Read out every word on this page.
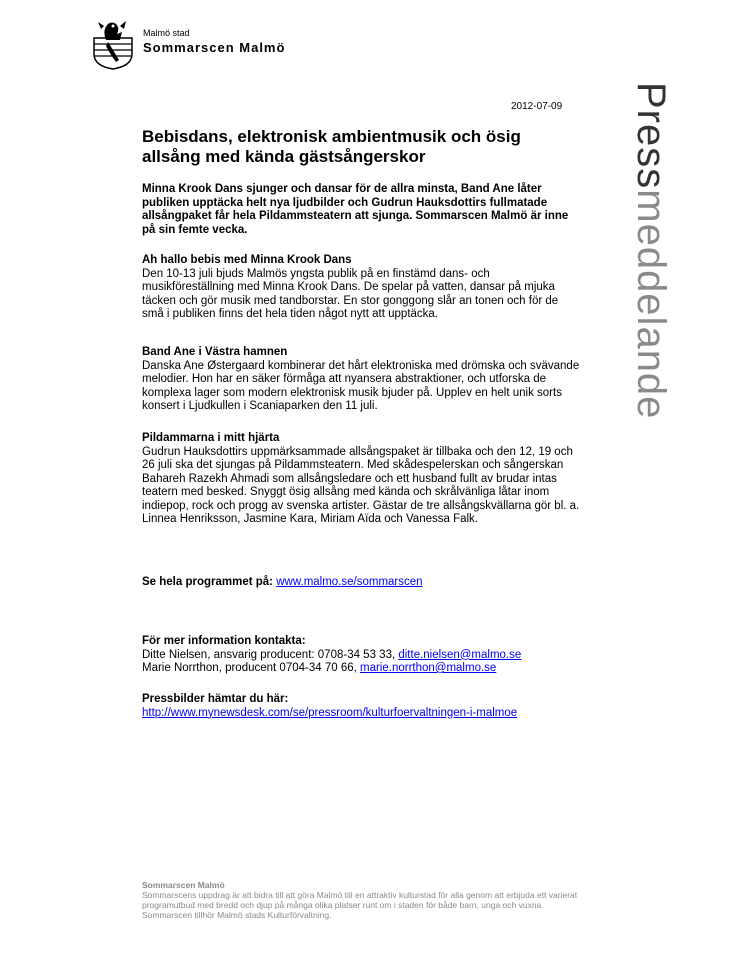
Malmö stad
Sommarscen Malmö
Pressmeddelande
2012-07-09
Bebisdans, elektronisk ambientmusik och ösig allsång med kända gästsångerskor

Minna Krook Dans sjunger och dansar för de allra minsta, Band Ane låter publiken upptäcka helt nya ljudbilder och Gudrun Hauksdottirs fullmatade allsångpaket får hela Pildammsteatern att sjunga. Sommarscen Malmö är inne på sin femte vecka.

Ah hallo bebis med Minna Krook Dans

Den 10-13 juli bjuds Malmös yngsta publik på en finstämd dans- och musikföreställning med Minna Krook Dans. De spelar på vatten, dansar på mjuka täcken och gör musik med tandborstar. En stor gonggong slår an tonen och för de små i publiken finns det hela tiden något nytt att upptäcka.

Band Ane i Västra hamnen

Danska Ane Østergaard kombinerar det hårt elektroniska med drömska och svävande melodier. Hon har en säker förmåga att nyansera abstraktioner, och utforska de komplexa lager som modern elektronisk musik bjuder på. Upplev en helt unik sorts konsert i Ljudkullen i Scaniaparken den 11 juli.

Pildammarna i mitt hjärta

Gudrun Hauksdottirs uppmärksammade allsångspaket är tillbaka och den 12, 19 och 26 juli ska det sjungas på Pildammsteatern. Med skådespelerskan och sångerskan Bahareh Razekh Ahmadi som allsångsledare och ett husband fullt av brudar intas teatern med besked. Snyggt ösig allsång med kända och skrålvänliga låtar inom indiepop, rock och progg av svenska artister. Gästar de tre allsångskvällarna gör bl. a. Linnea Henriksson, Jasmine Kara, Miriam Aïda och Vanessa Falk.

Se hela programmet på: www.malmo.se/sommarscen

För mer information kontakta:

Ditte Nielsen, ansvarig producent: 0708-34 53 33, ditte.nielsen@malmo.se

Marie Norrthon, producent 0704-34 70 66, marie.norrthon@malmo.se

Pressbilder hämtar du här:

http://www.mynewsdesk.com/se/pressroom/kulturfoervaltningen-i-malmoe
Sommarscen Malmö
Sommarscens uppdrag är att bidra till att göra Malmö till en attraktiv kulturstad för alla genom att erbjuda ett varierat programutbud med bredd och djup på många olika platser runt om i staden för både barn, unga och vuxna. Sommarscen tillhör Malmö stads Kulturförvaltning.
